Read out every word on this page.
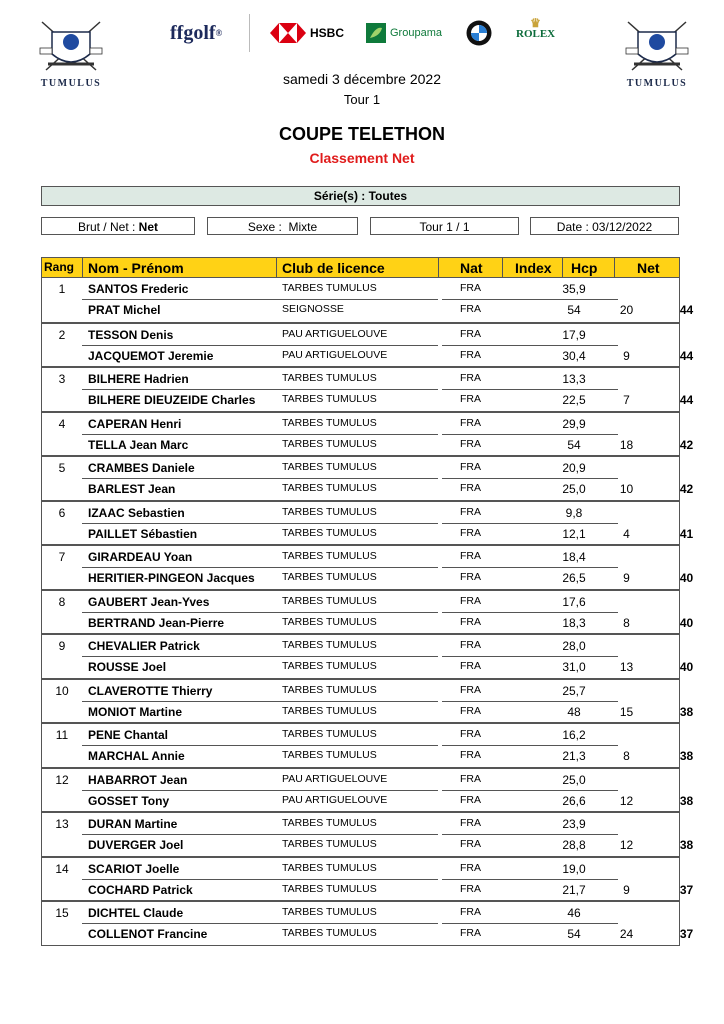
TUMULUS	TUMULUS
ffgolf ®	HSBC	Groupama
♛
ROLEX
samedi 3 décembre 2022
Tour 1
COUPE TELETHON
Classement Net
Série(s) : Toutes
Brut / Net : Net	Sexe :  Mixte	Tour 1 / 1	Date : 03/12/2022
Rang Nom - Prénom	Club de licence	Nat Index Hcp	Net
1	SANTOS Frederic	TARBES TUMULUS	FRA	35,9
PRAT Michel	SEIGNOSSE	FRA	54	20	44
2	TESSON Denis	PAU ARTIGUELOUVE	FRA	17,9
JACQUEMOT Jeremie	PAU ARTIGUELOUVE	FRA	30,4	9	44
3	BILHERE Hadrien	TARBES TUMULUS	FRA	13,3
BILHERE DIEUZEIDE Charles	TARBES TUMULUS	FRA	22,5	7	44
4	CAPERAN Henri	TARBES TUMULUS	FRA	29,9
TELLA Jean Marc	TARBES TUMULUS	FRA	54	18	42
5	CRAMBES Daniele	TARBES TUMULUS	FRA	20,9
BARLEST Jean	TARBES TUMULUS	FRA	25,0	10	42
6	IZAAC Sebastien	TARBES TUMULUS	FRA	9,8
PAILLET Sébastien	TARBES TUMULUS	FRA	12,1	4	41
7	GIRARDEAU Yoan	TARBES TUMULUS	FRA	18,4
HERITIER-PINGEON Jacques	TARBES TUMULUS	FRA	26,5	9	40
8	GAUBERT Jean-Yves	TARBES TUMULUS	FRA	17,6
BERTRAND Jean-Pierre	TARBES TUMULUS	FRA	18,3	8	40
9	CHEVALIER Patrick	TARBES TUMULUS	FRA	28,0
ROUSSE Joel	TARBES TUMULUS	FRA	31,0	13	40
10	CLAVEROTTE Thierry	TARBES TUMULUS	FRA	25,7
MONIOT Martine	TARBES TUMULUS	FRA	48	15	38
11	PENE Chantal	TARBES TUMULUS	FRA	16,2
MARCHAL Annie	TARBES TUMULUS	FRA	21,3	8	38
12	HABARROT Jean	PAU ARTIGUELOUVE	FRA	25,0
GOSSET Tony	PAU ARTIGUELOUVE	FRA	26,6	12	38
13	DURAN Martine	TARBES TUMULUS	FRA	23,9
DUVERGER Joel	TARBES TUMULUS	FRA	28,8	12	38
14	SCARIOT Joelle	TARBES TUMULUS	FRA	19,0
COCHARD Patrick	TARBES TUMULUS	FRA	21,7	9	37
15	DICHTEL Claude	TARBES TUMULUS	FRA	46
COLLENOT Francine	TARBES TUMULUS	FRA	54	24	37
